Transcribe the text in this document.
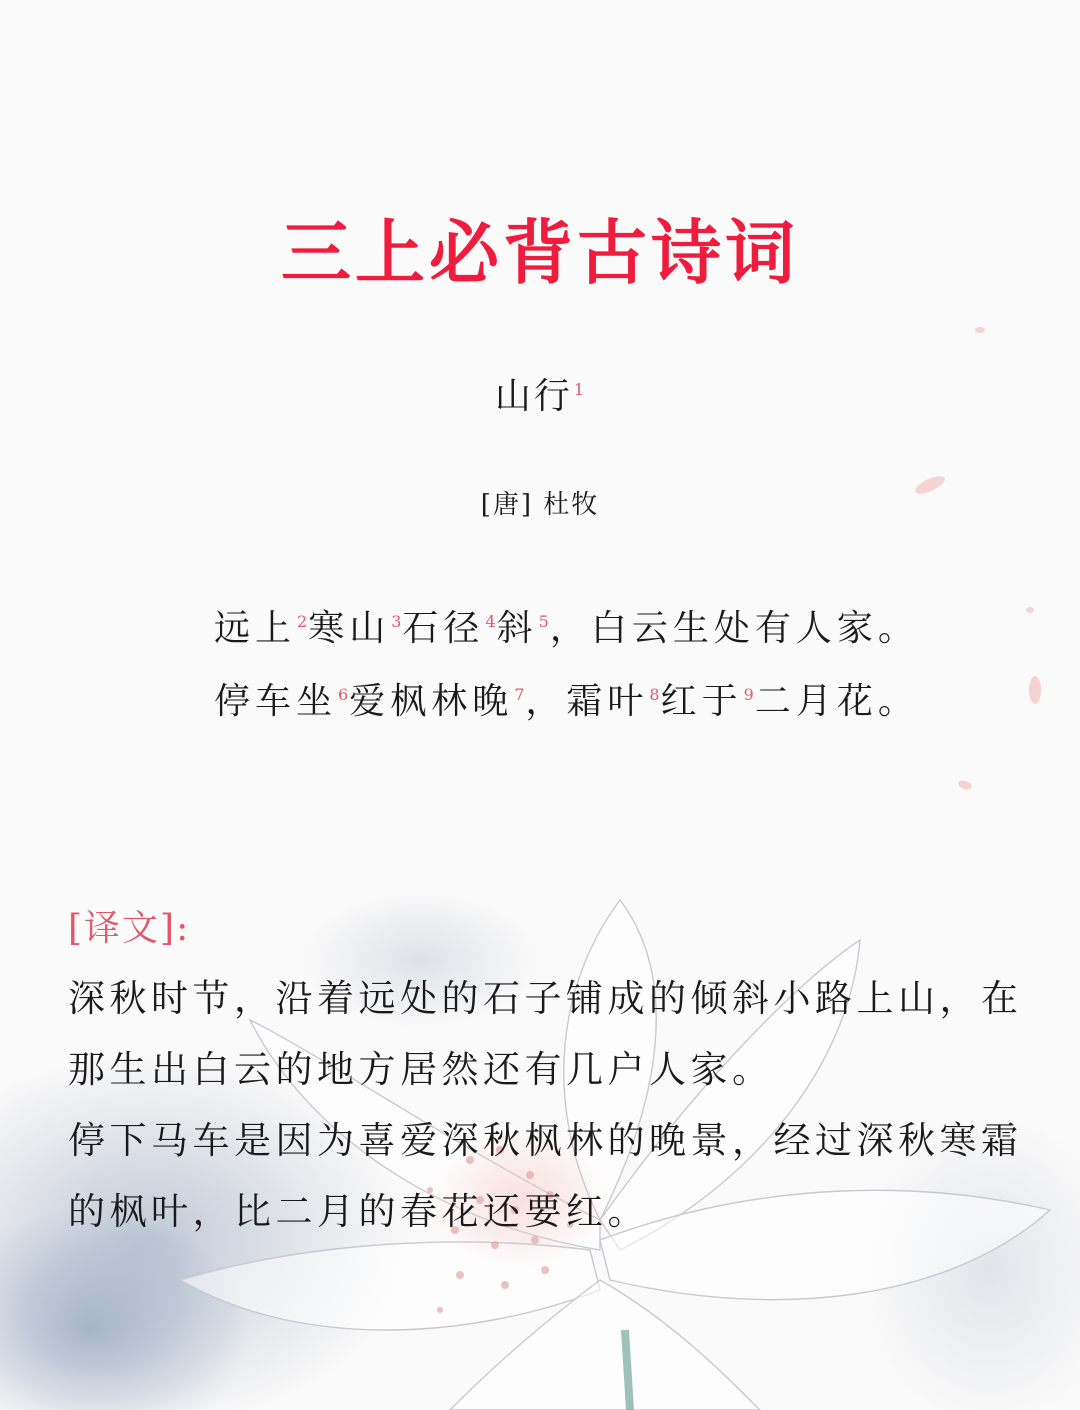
三上必背古诗词
山行$^1$
[唐] 杜牧
远上$^2$寒山$^3$石径$^4$斜$^5$，白云生处有人家。
停车坐$^6$爱枫林晚$^7$，霜叶$^8$红于$^9$二月花。
[译文]:

深秋时节，沿着远处的石子铺成的倾斜小路上山，在那生出白云的地方居然还有几户人家。

停下马车是因为喜爱深秋枫林的晚景，经过深秋寒霜的枫叶，比二月的春花还要红。
